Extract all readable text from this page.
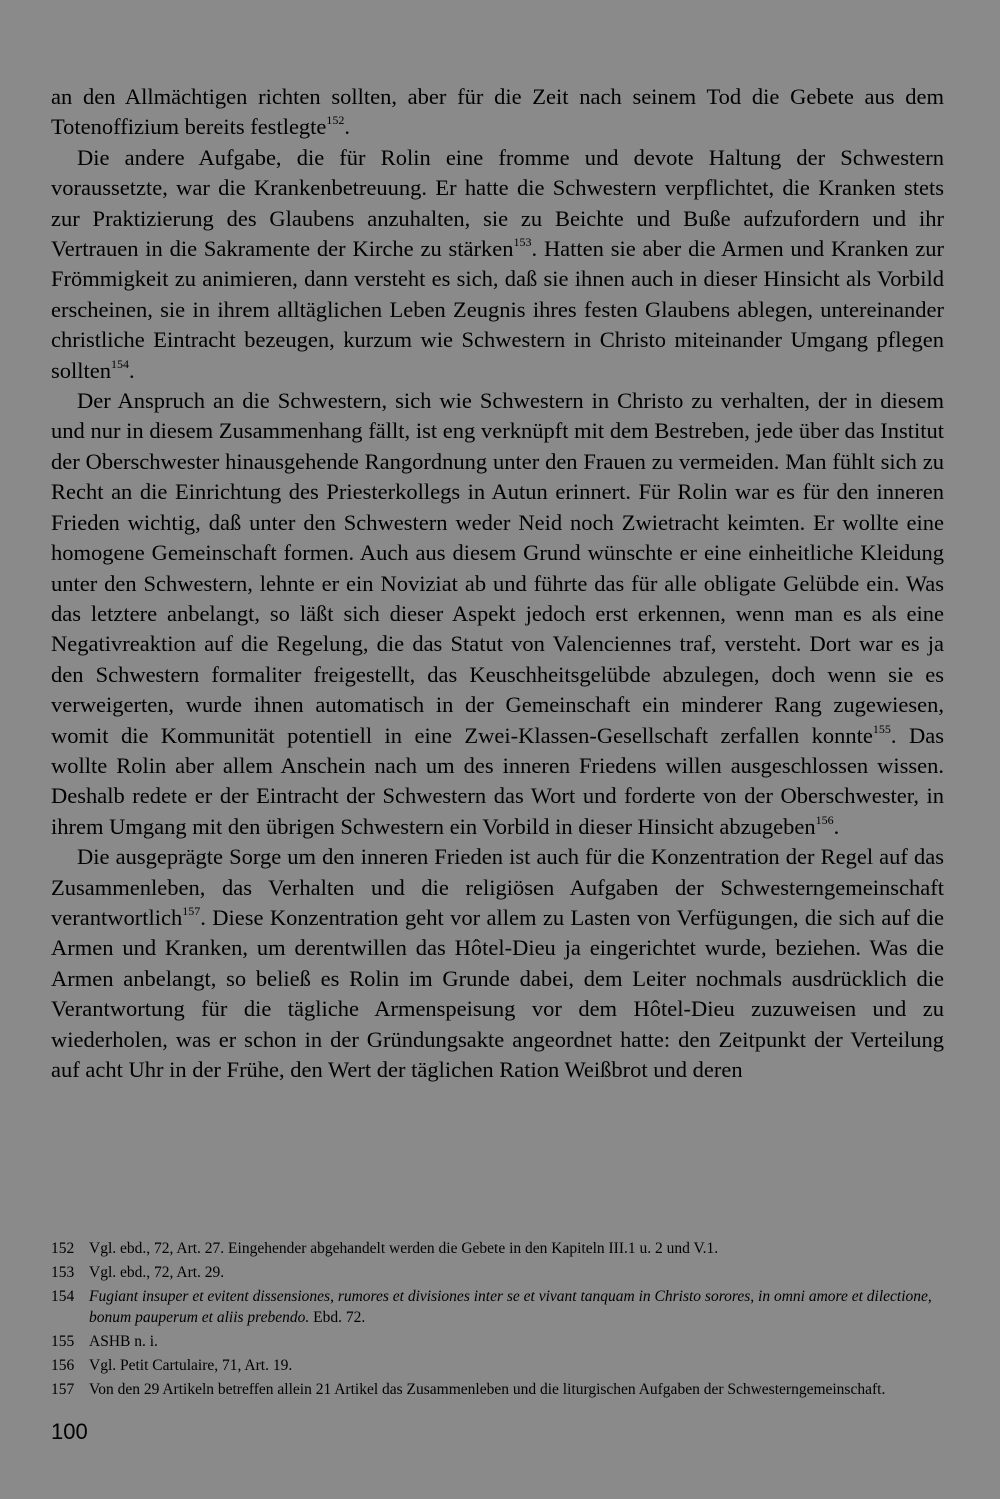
an den Allmächtigen richten sollten, aber für die Zeit nach seinem Tod die Gebete aus dem Totenoffizium bereits festlegte$^{152}$.

Die andere Aufgabe, die für Rolin eine fromme und devote Haltung der Schwestern voraussetzte, war die Krankenbetreuung. Er hatte die Schwestern verpflichtet, die Kranken stets zur Praktizierung des Glaubens anzuhalten, sie zu Beichte und Buße aufzufordern und ihr Vertrauen in die Sakramente der Kirche zu stärken$^{153}$. Hatten sie aber die Armen und Kranken zur Frömmigkeit zu animieren, dann versteht es sich, daß sie ihnen auch in dieser Hinsicht als Vorbild erscheinen, sie in ihrem alltäglichen Leben Zeugnis ihres festen Glaubens ablegen, untereinander christliche Eintracht bezeugen, kurzum wie Schwestern in Christo miteinander Umgang pflegen sollten$^{154}$.

Der Anspruch an die Schwestern, sich wie Schwestern in Christo zu verhalten, der in diesem und nur in diesem Zusammenhang fällt, ist eng verknüpft mit dem Bestreben, jede über das Institut der Oberschwester hinausgehende Rangordnung unter den Frauen zu vermeiden. Man fühlt sich zu Recht an die Einrichtung des Priesterkollegs in Autun erinnert. Für Rolin war es für den inneren Frieden wichtig, daß unter den Schwestern weder Neid noch Zwietracht keimten. Er wollte eine homogene Gemeinschaft formen. Auch aus diesem Grund wünschte er eine einheitliche Kleidung unter den Schwestern, lehnte er ein Noviziat ab und führte das für alle obligate Gelübde ein. Was das letztere anbelangt, so läßt sich dieser Aspekt jedoch erst erkennen, wenn man es als eine Negativreaktion auf die Regelung, die das Statut von Valenciennes traf, versteht. Dort war es ja den Schwestern formaliter freigestellt, das Keuschheitsgelübde abzulegen, doch wenn sie es verweigerten, wurde ihnen automatisch in der Gemeinschaft ein minderer Rang zugewiesen, womit die Kommunität potentiell in eine Zwei-Klassen-Gesellschaft zerfallen konnte$^{155}$. Das wollte Rolin aber allem Anschein nach um des inneren Friedens willen ausgeschlossen wissen. Deshalb redete er der Eintracht der Schwestern das Wort und forderte von der Oberschwester, in ihrem Umgang mit den übrigen Schwestern ein Vorbild in dieser Hinsicht abzugeben$^{156}$.

Die ausgeprägte Sorge um den inneren Frieden ist auch für die Konzentration der Regel auf das Zusammenleben, das Verhalten und die religiösen Aufgaben der Schwesterngemeinschaft verantwortlich$^{157}$. Diese Konzentration geht vor allem zu Lasten von Verfügungen, die sich auf die Armen und Kranken, um derentwillen das Hôtel-Dieu ja eingerichtet wurde, beziehen. Was die Armen anbelangt, so beließ es Rolin im Grunde dabei, dem Leiter nochmals ausdrücklich die Verantwortung für die tägliche Armenspeisung vor dem Hôtel-Dieu zuzuweisen und zu wiederholen, was er schon in der Gründungsakte angeordnet hatte: den Zeitpunkt der Verteilung auf acht Uhr in der Frühe, den Wert der täglichen Ration Weißbrot und deren

152 Vgl. ebd., 72, Art. 27. Eingehender abgehandelt werden die Gebete in den Kapiteln III.1 u. 2 und V.1.
153 Vgl. ebd., 72, Art. 29.
154 Fugiant insuper et evitent dissensiones, rumores et divisiones inter se et vivant tanquam in Christo sorores, in omni amore et dilectione, bonum pauperum et aliis prebendo. Ebd. 72.
155 ASHB n. i.
156 Vgl. Petit Cartulaire, 71, Art. 19.
157 Von den 29 Artikeln betreffen allein 21 Artikel das Zusammenleben und die liturgischen Aufgaben der Schwesterngemeinschaft.
100
